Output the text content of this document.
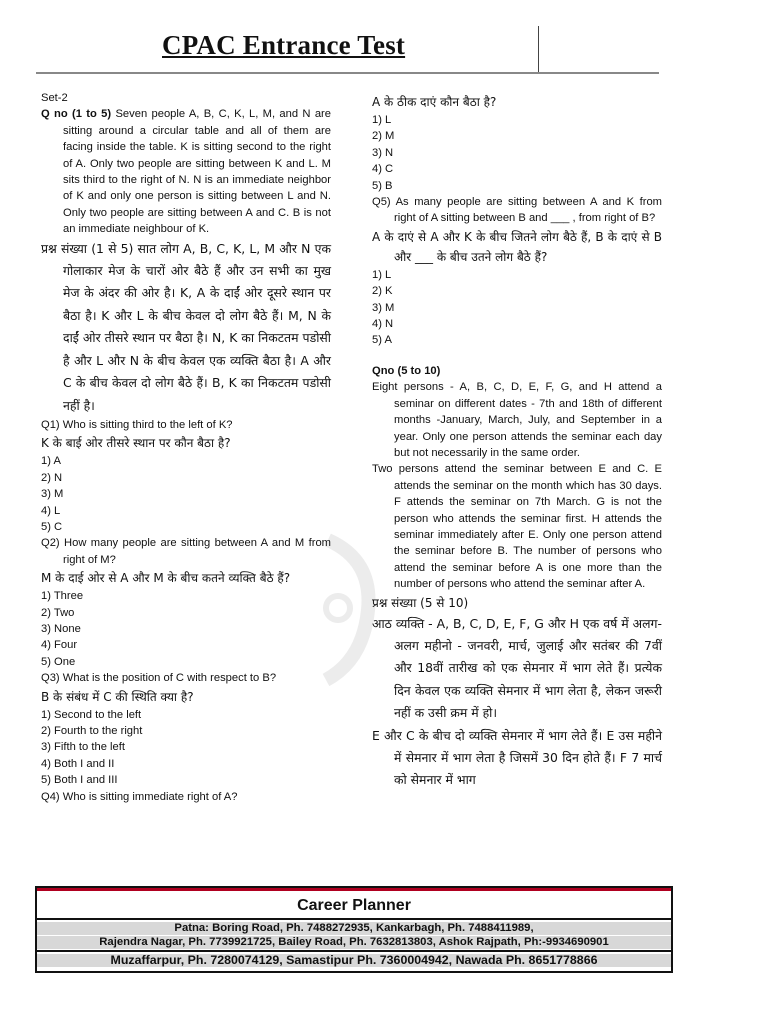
CPAC Entrance Test

Set-2

Q no (1 to 5) Seven people A, B, C, K, L, M, and N are sitting around a circular table and all of them are facing inside the table. K is sitting second to the right of A. Only two people are sitting between K and L. M sits third to the right of N. N is an immediate neighbor of K and only one person is sitting between L and N. Only two people are sitting between A and C. B is not an immediate neighbour of K.

प्रश्न संख्या (1 से 5) सात लोग A, B, C, K, L, M और N एक गोलाकार मेज के चारों ओर बैठे हैं और उन सभी का मुख मेज के अंदर की ओर है। K, A के दाईं ओर दूसरे स्थान पर बैठा है। K और L के बीच केवल दो लोग बैठे हैं। M, N के दाईं ओर तीसरे स्थान पर बैठा है। N, K का निकटतम पडोसी है और L और N के बीच केवल एक व्यक्ति बैठा है। A और C के बीच केवल दो लोग बैठे हैं। B, K का निकटतम पडोसी नहीं है।

Q1) Who is sitting third to the left of K?

K के बाई ओर तीसरे स्थान पर कौन बैठा है?

1) A

2) N

3) M

4) L

5) C

Q2) How many people are sitting between A and M from right of M?

M के दाई ओर से A और M के बीच कतने व्यक्ति बैठे हैं?

1) Three

2) Two

3) None

4) Four

5) One

Q3) What is the position of C with respect to B?

B के संबंध में C की स्थिति क्या है?

1) Second to the left

2) Fourth to the right

3) Fifth to the left

4) Both I and II

5) Both I and III

Q4) Who is sitting immediate right of A?

A के ठीक दाएं कौन बैठा है?

1) L

2) M

3) N

4) C

5) B

Q5) As many people are sitting between A and K from right of A sitting between B and ___ , from right of B?

A के दाएं से A और K के बीच जितने लोग बैठे हैं, B के दाएं से B और ___ के बीच उतने लोग बैठे हैं?

1) L

2) K

3) M

4) N

5) A

Qno (5 to 10)

Eight persons - A, B, C, D, E, F, G, and H attend a seminar on different dates - 7th and 18th of different months -January, March, July, and September in a year. Only one person attends the seminar each day but not necessarily in the same order.

Two persons attend the seminar between E and C. E attends the seminar on the month which has 30 days. F attends the seminar on 7th March. G is not the person who attends the seminar first. H attends the seminar immediately after E. Only one person attend the seminar before B. The number of persons who attend the seminar before A is one more than the number of persons who attend the seminar after A.

प्रश्न संख्या (5 से 10)

आठ व्यक्ति - A, B, C, D, E, F, G और H एक वर्ष में अलग-अलग महीनो - जनवरी, मार्च, जुलाई और सतंबर की 7वीं और 18वीं तारीख को एक सेमनार में भाग लेते हैं। प्रत्येक दिन केवल एक व्यक्ति सेमनार में भाग लेता है, लेकन जरूरी नहीं क उसी क्रम में हो।

E और C के बीच दो व्यक्ति सेमनार में भाग लेते हैं। E उस महीने में सेमनार में भाग लेता है जिसमें 30 दिन होते हैं। F 7 मार्च को सेमनार में भाग

Career Planner
Patna: Boring Road, Ph. 7488272935, Kankarbagh, Ph. 7488411989,
Rajendra Nagar, Ph. 7739921725, Bailey Road, Ph. 7632813803, Ashok Rajpath, Ph:-9934690901
Muzaffarpur, Ph. 7280074129, Samastipur Ph. 7360004942, Nawada Ph. 8651778866
